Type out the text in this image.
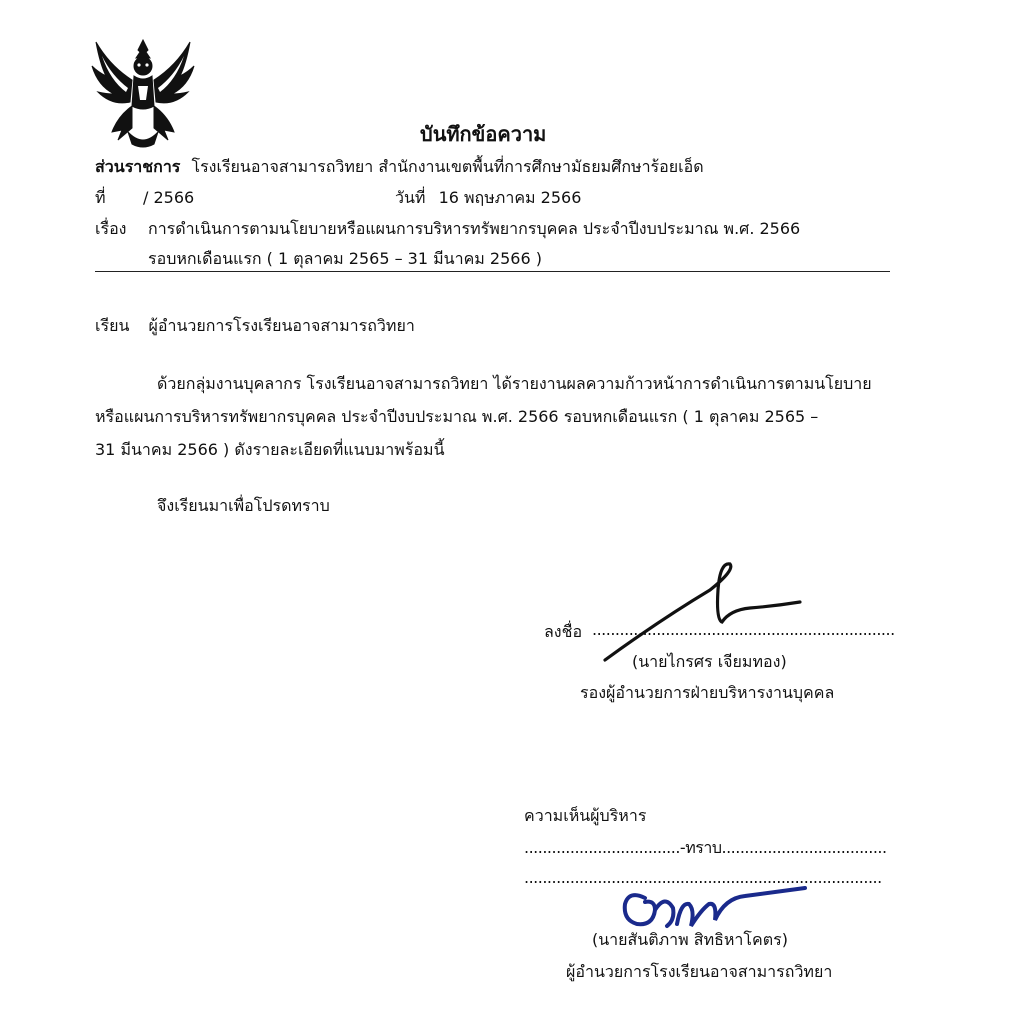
บันทึกข้อความ
ส่วนราชการ โรงเรียนอาจสามารถวิทยา สำนักงานเขตพื้นที่การศึกษามัธยมศึกษาร้อยเอ็ด
ที่ / 2566	วันที่ 16 พฤษภาคม 2566
เรื่อง การดำเนินการตามนโยบายหรือแผนการบริหารทรัพยากรบุคคล ประจำปีงบประมาณ พ.ศ. 2566
รอบหกเดือนแรก ( 1 ตุลาคม 2565 – 31 มีนาคม 2566 )
เรียน ผู้อำนวยการโรงเรียนอาจสามารถวิทยา
ด้วยกลุ่มงานบุคลากร โรงเรียนอาจสามารถวิทยา ได้รายงานผลความก้าวหน้าการดำเนินการตามนโยบาย
หรือแผนการบริหารทรัพยากรบุคคล ประจำปีงบประมาณ พ.ศ. 2566 รอบหกเดือนแรก ( 1 ตุลาคม 2565 –
31 มีนาคม 2566 ) ดังรายละเอียดที่แนบมาพร้อมนี้
จึงเรียนมาเพื่อโปรดทราบ
ลงชื่อ ..................................................................
(นายไกรศร เจียมทอง)
รองผู้อำนวยการฝ่ายบริหารงานบุคคล
ความเห็นผู้บริหาร
..................................-ทราบ....................................
..............................................................................
(นายสันติภาพ สิทธิหาโคตร)
ผู้อำนวยการโรงเรียนอาจสามารถวิทยา
